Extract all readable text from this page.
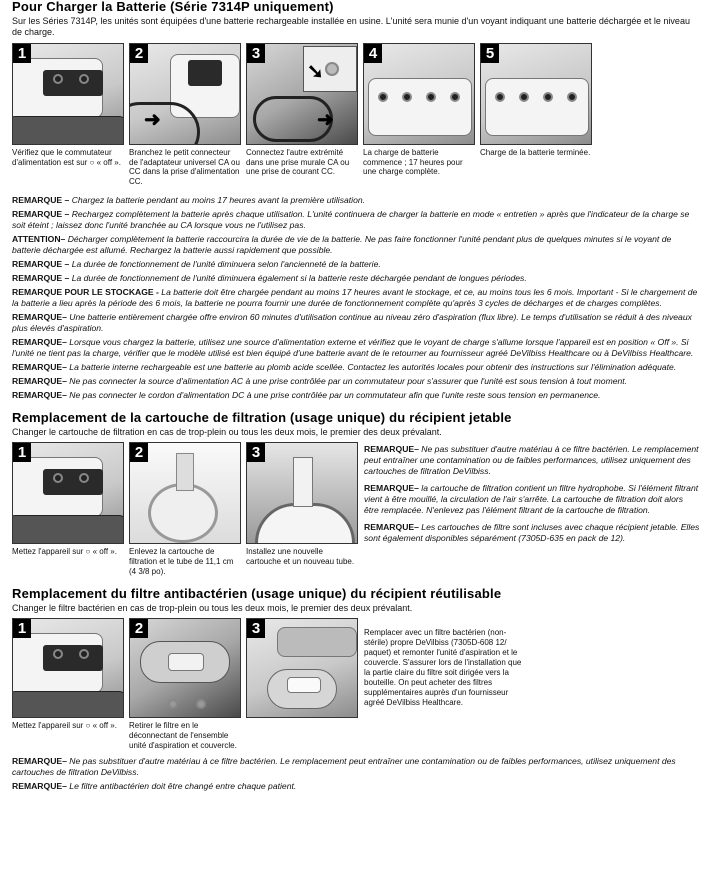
Pour Charger la Batterie (Série 7314P uniquement)

Sur les Séries 7314P, les unités sont équipées d'une batterie rechargeable installée en usine. L'unité sera munie d'un voyant indiquant une batterie déchargée et le niveau de charge.

1
Vérifiez que le commutateur d'alimentation est sur ○ « off ».
2
➜
Branchez le petit connecteur de l'adaptateur universel CA ou CC dans la prise d'alimentation CC.
3
➘
➜
Connectez l'autre extrémité dans une prise murale CA ou une prise de courant CC.
4
La charge de batterie commence ; 17 heures pour une charge complète.
5
Charge de la batterie terminée.

REMARQUE – Chargez la batterie pendant au moins 17 heures avant la première utilisation.

REMARQUE – Rechargez complètement la batterie après chaque utilisation. L'unité continuera de charger la batterie en mode « entretien » après que l'indicateur de la charge se soit éteint ; laissez donc l'unité branchée au CA lorsque vous ne l'utilisez pas.

ATTENTION– Décharger complètement la batterie raccourcira la durée de vie de la batterie. Ne pas faire fonctionner l'unité pendant plus de quelques minutes si le voyant de batterie déchargée est allumé. Rechargez la batterie aussi rapidement que possible.

REMARQUE – La durée de fonctionnement de l'unité diminuera selon l'ancienneté de la batterie.

REMARQUE – La durée de fonctionnement de l'unité diminuera également si la batterie reste déchargée pendant de longues périodes.

REMARQUE POUR LE STOCKAGE - La batterie doit être chargée pendant au moins 17 heures avant le stockage, et ce, au moins tous les 6 mois. Important - Si le chargement de la batterie a lieu après la période des 6 mois, la batterie ne pourra fournir une durée de fonctionnement complète qu'après 3 cycles de décharges et de charges complètes.

REMARQUE– Une batterie entièrement chargée offre environ 60 minutes d'utilisation continue au niveau zéro d'aspiration (flux libre). Le temps d'utilisation se réduit à des niveaux plus élevés d'aspiration.

REMARQUE– Lorsque vous chargez la batterie, utilisez une source d'alimentation externe et vérifiez que le voyant de charge s'allume lorsque l'appareil est en position « Off ». Si l'unité ne tient pas la charge, vérifier que le modèle utilisé est bien équipé d'une batterie avant de le retourner au fournisseur agréé DeVilbiss Healthcare ou à DeVilbiss Healthcare.

REMARQUE– La batterie interne rechargeable est une batterie au plomb acide scellée. Contactez les autorités locales pour obtenir des instructions sur l'élimination adéquate.

REMARQUE– Ne pas connecter la source d'alimentation AC à une prise contrôlée par un commutateur pour s'assurer que l'unité est sous tension à tout moment.

REMARQUE– Ne pas connecter le cordon d'alimentation DC à une prise contrôlée par un commutateur afin que l'unite reste sous tension en permanence.

Remplacement de la cartouche de filtration (usage unique) du récipient jetable

Changer le cartouche de filtration en cas de trop-plein ou tous les deux mois, le premier des deux prévalant.

1
Mettez l'appareil sur ○ « off ».
2
Enlevez la cartouche de filtration et le tube de 11,1 cm (4 3/8 po).
3
Installez une nouvelle cartouche et un nouveau tube.

REMARQUE– Ne pas substituer d'autre matériau à ce filtre bactérien. Le remplacement peut entraîner une contamination ou de faibles performances, utilisez uniquement des cartouches de filtration DeVilbiss.

REMARQUE– la cartouche de filtration contient un filtre hydrophobe. Si l'élément filtrant vient à être mouillé, la circulation de l'air s'arrête. La cartouche de filtration doit alors être remplacée. N'enlevez pas l'élément filtrant de la cartouche de filtration.

REMARQUE– Les cartouches de filtre sont incluses avec chaque récipient jetable. Elles sont également disponibles séparément (7305D-635 en pack de 12).

Remplacement du filtre antibactérien (usage unique) du récipient réutilisable

Changer le filtre bactérien en cas de trop-plein ou tous les deux mois, le premier des deux prévalant.

1
Mettez l'appareil sur ○ « off ».
2
Retirer le filtre en le déconnectant de l'ensemble unité d'aspiration et couvercle.
3	Remplacer avec un filtre bactérien (non-stérile) propre DeVilbiss (7305D-608 12/ paquet) et remonter l'unité d'aspiration et le couvercle. S'assurer lors de l'installation que la partie claire du filtre soit dirigée vers la bouteille. On peut acheter des filtres supplémentaires auprès d'un fournisseur agréé DeVilbiss Healthcare.

REMARQUE– Ne pas substituer d'autre matériau à ce filtre bactérien. Le remplacement peut entraîner une contamination ou de faibles performances, utilisez uniquement des cartouches de filtration DeVilbiss.

REMARQUE– Le filtre antibactérien doit être changé entre chaque patient.
